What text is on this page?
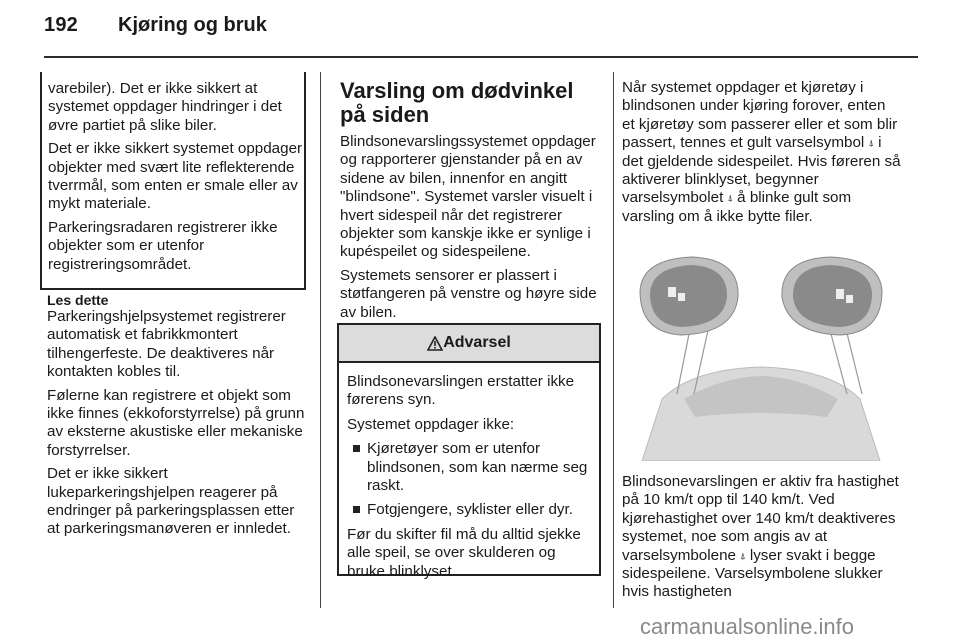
192 Kjøring og bruk

varebiler). Det er ikke sikkert at systemet oppdager hindringer i det øvre partiet på slike biler.

Det er ikke sikkert systemet oppdager objekter med svært lite reflekterende tverrmål, som enten er smale eller av mykt materiale.

Parkeringsradaren registrerer ikke objekter som er utenfor registreringsområdet.

Les dette

Parkeringshjelpsystemet registrerer automatisk et fabrikkmontert tilhengerfeste. De deaktiveres når kontakten kobles til.

Følerne kan registrere et objekt som ikke finnes (ekkoforstyrrelse) på grunn av eksterne akustiske eller mekaniske forstyrrelser.

Det er ikke sikkert lukeparkeringshjelpen reagerer på endringer på parkeringsplassen etter at parkeringsmanøveren er innledet.

Varsling om dødvinkel på siden

Blindsonevarslingssystemet oppdager og rapporterer gjenstander på en av sidene av bilen, innenfor en angitt "blindsone". Systemet varsler visuelt i hvert sidespeil når det registrerer objekter som kanskje ikke er synlige i kupéspeilet og sidespeilene.

Systemets sensorer er plassert i støtfangeren på venstre og høyre side av bilen.

Advarsel

Blindsonevarslingen erstatter ikke førerens syn.

Systemet oppdager ikke:

Kjøretøyer som er utenfor blindsonen, som kan nærme seg raskt.
Fotgjengere, syklister eller dyr.

Før du skifter fil må du alltid sjekke alle speil, se over skulderen og bruke blinklyset.

Når systemet oppdager et kjøretøy i blindsonen under kjøring forover, enten et kjøretøy som passerer eller et som blir passert, tennes et gult varselsymbol ⍋ i det gjeldende sidespeilet. Hvis føreren så aktiverer blinklyset, begynner varselsymbolet ⍋ å blinke gult som varsling om å ikke bytte filer.

Blindsonevarslingen er aktiv fra hastighet på 10 km/t opp til 140 km/t. Ved kjørehastighet over 140 km/t deaktiveres systemet, noe som angis av at varselsymbolene ⍋ lyser svakt i begge sidespeilene. Varselsymbolene slukker hvis hastigheten

carmanualsonline.info
